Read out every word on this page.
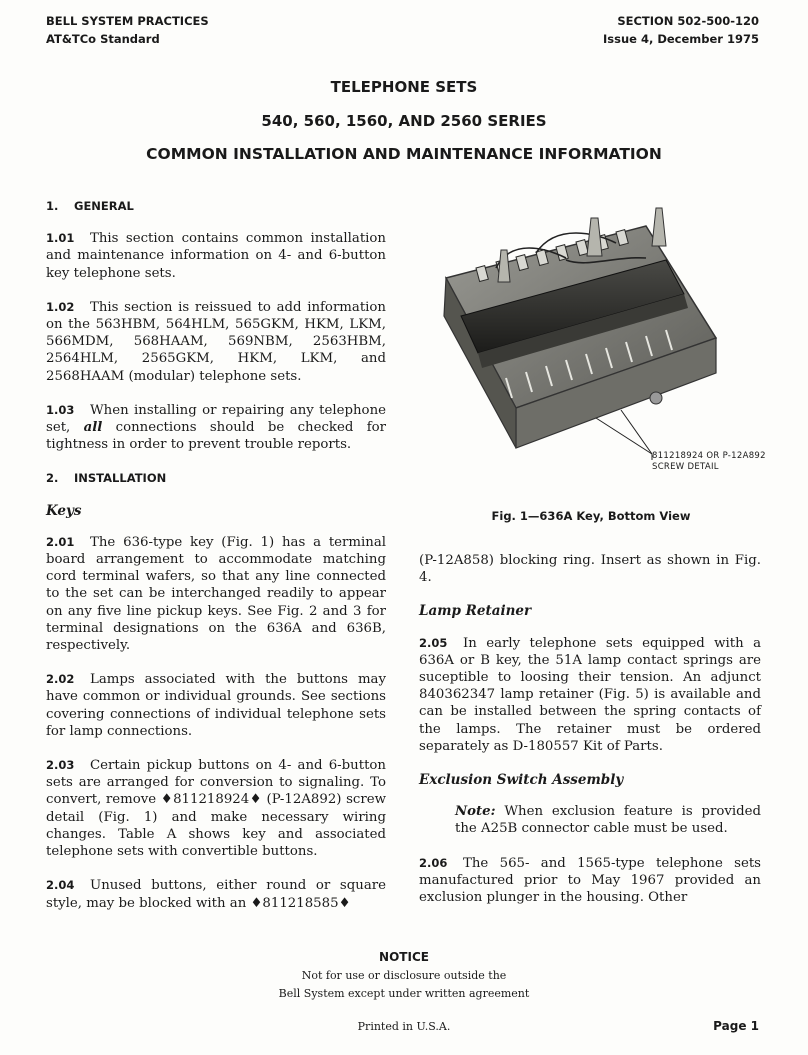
BELL SYSTEM PRACTICES
AT&TCo Standard
SECTION 502-500-120
Issue 4, December 1975
TELEPHONE SETS
540, 560, 1560, AND 2560 SERIES
COMMON INSTALLATION AND MAINTENANCE INFORMATION
1. GENERAL

1.01 This section contains common installation and maintenance information on 4- and 6-button key telephone sets.

1.02 This section is reissued to add information on the 563HBM, 564HLM, 565GKM, HKM, LKM, 566MDM, 568HAAM, 569NBM, 2563HBM, 2564HLM, 2565GKM, HKM, LKM, and 2568HAAM (modular) telephone sets.

1.03 When installing or repairing any telephone set, all connections should be checked for tightness in order to prevent trouble reports.

2. INSTALLATION
Keys

2.01 The 636-type key (Fig. 1) has a terminal board arrangement to accommodate matching cord terminal wafers, so that any line connected to the set can be interchanged readily to appear on any five line pickup keys. See Fig. 2 and 3 for terminal designations on the 636A and 636B, respectively.

2.02 Lamps associated with the buttons may have common or individual grounds. See sections covering connections of individual telephone sets for lamp connections.

2.03 Certain pickup buttons on 4- and 6-button sets are arranged for conversion to signaling. To convert, remove ♦811218924♦ (P-12A892) screw detail (Fig. 1) and make necessary wiring changes. Table A shows key and associated telephone sets with convertible buttons.

2.04 Unused buttons, either round or square style, may be blocked with an ♦811218585♦

811218924 OR P-12A892
SCREW DETAIL
Fig. 1—636A Key, Bottom View

(P-12A858) blocking ring. Insert as shown in Fig. 4.

Lamp Retainer

2.05 In early telephone sets equipped with a 636A or B key, the 51A lamp contact springs are suceptible to loosing their tension. An adjunct 840362347 lamp retainer (Fig. 5) is available and can be installed between the spring contacts of the lamps. The retainer must be ordered separately as D-180557 Kit of Parts.

Exclusion Switch Assembly

Note: When exclusion feature is provided the A25B connector cable must be used.

2.06 The 565- and 1565-type telephone sets manufactured prior to May 1967 provided an exclusion plunger in the housing. Other

NOTICE
Not for use or disclosure outside the
Bell System except under written agreement
Printed in U.S.A.	Page 1
